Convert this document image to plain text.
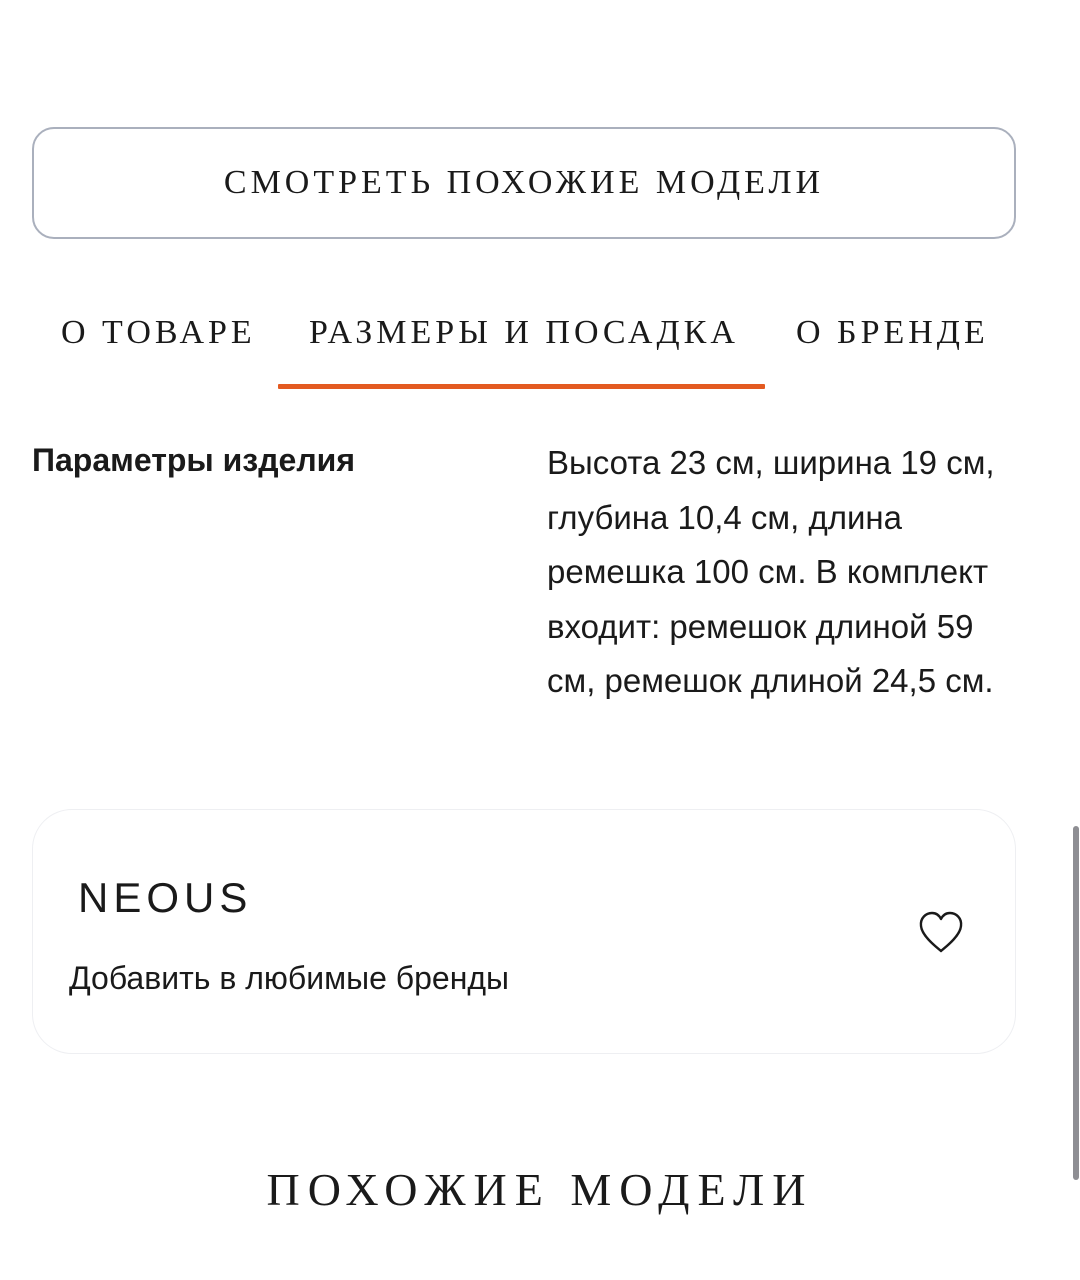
СМОТРЕТЬ ПОХОЖИЕ МОДЕЛИ
О ТОВАРЕ РАЗМЕРЫ И ПОСАДКА О БРЕНДЕ
Параметры изделия	Высота 23 см, ширина 19 см, глубина 10,4 см, длина ремешка 100 см. В комплект входит: ремешок длиной 59 см, ремешок длиной 24,5 см.
NEOUS
Добавить в любимые бренды
ПОХОЖИЕ МОДЕЛИ
